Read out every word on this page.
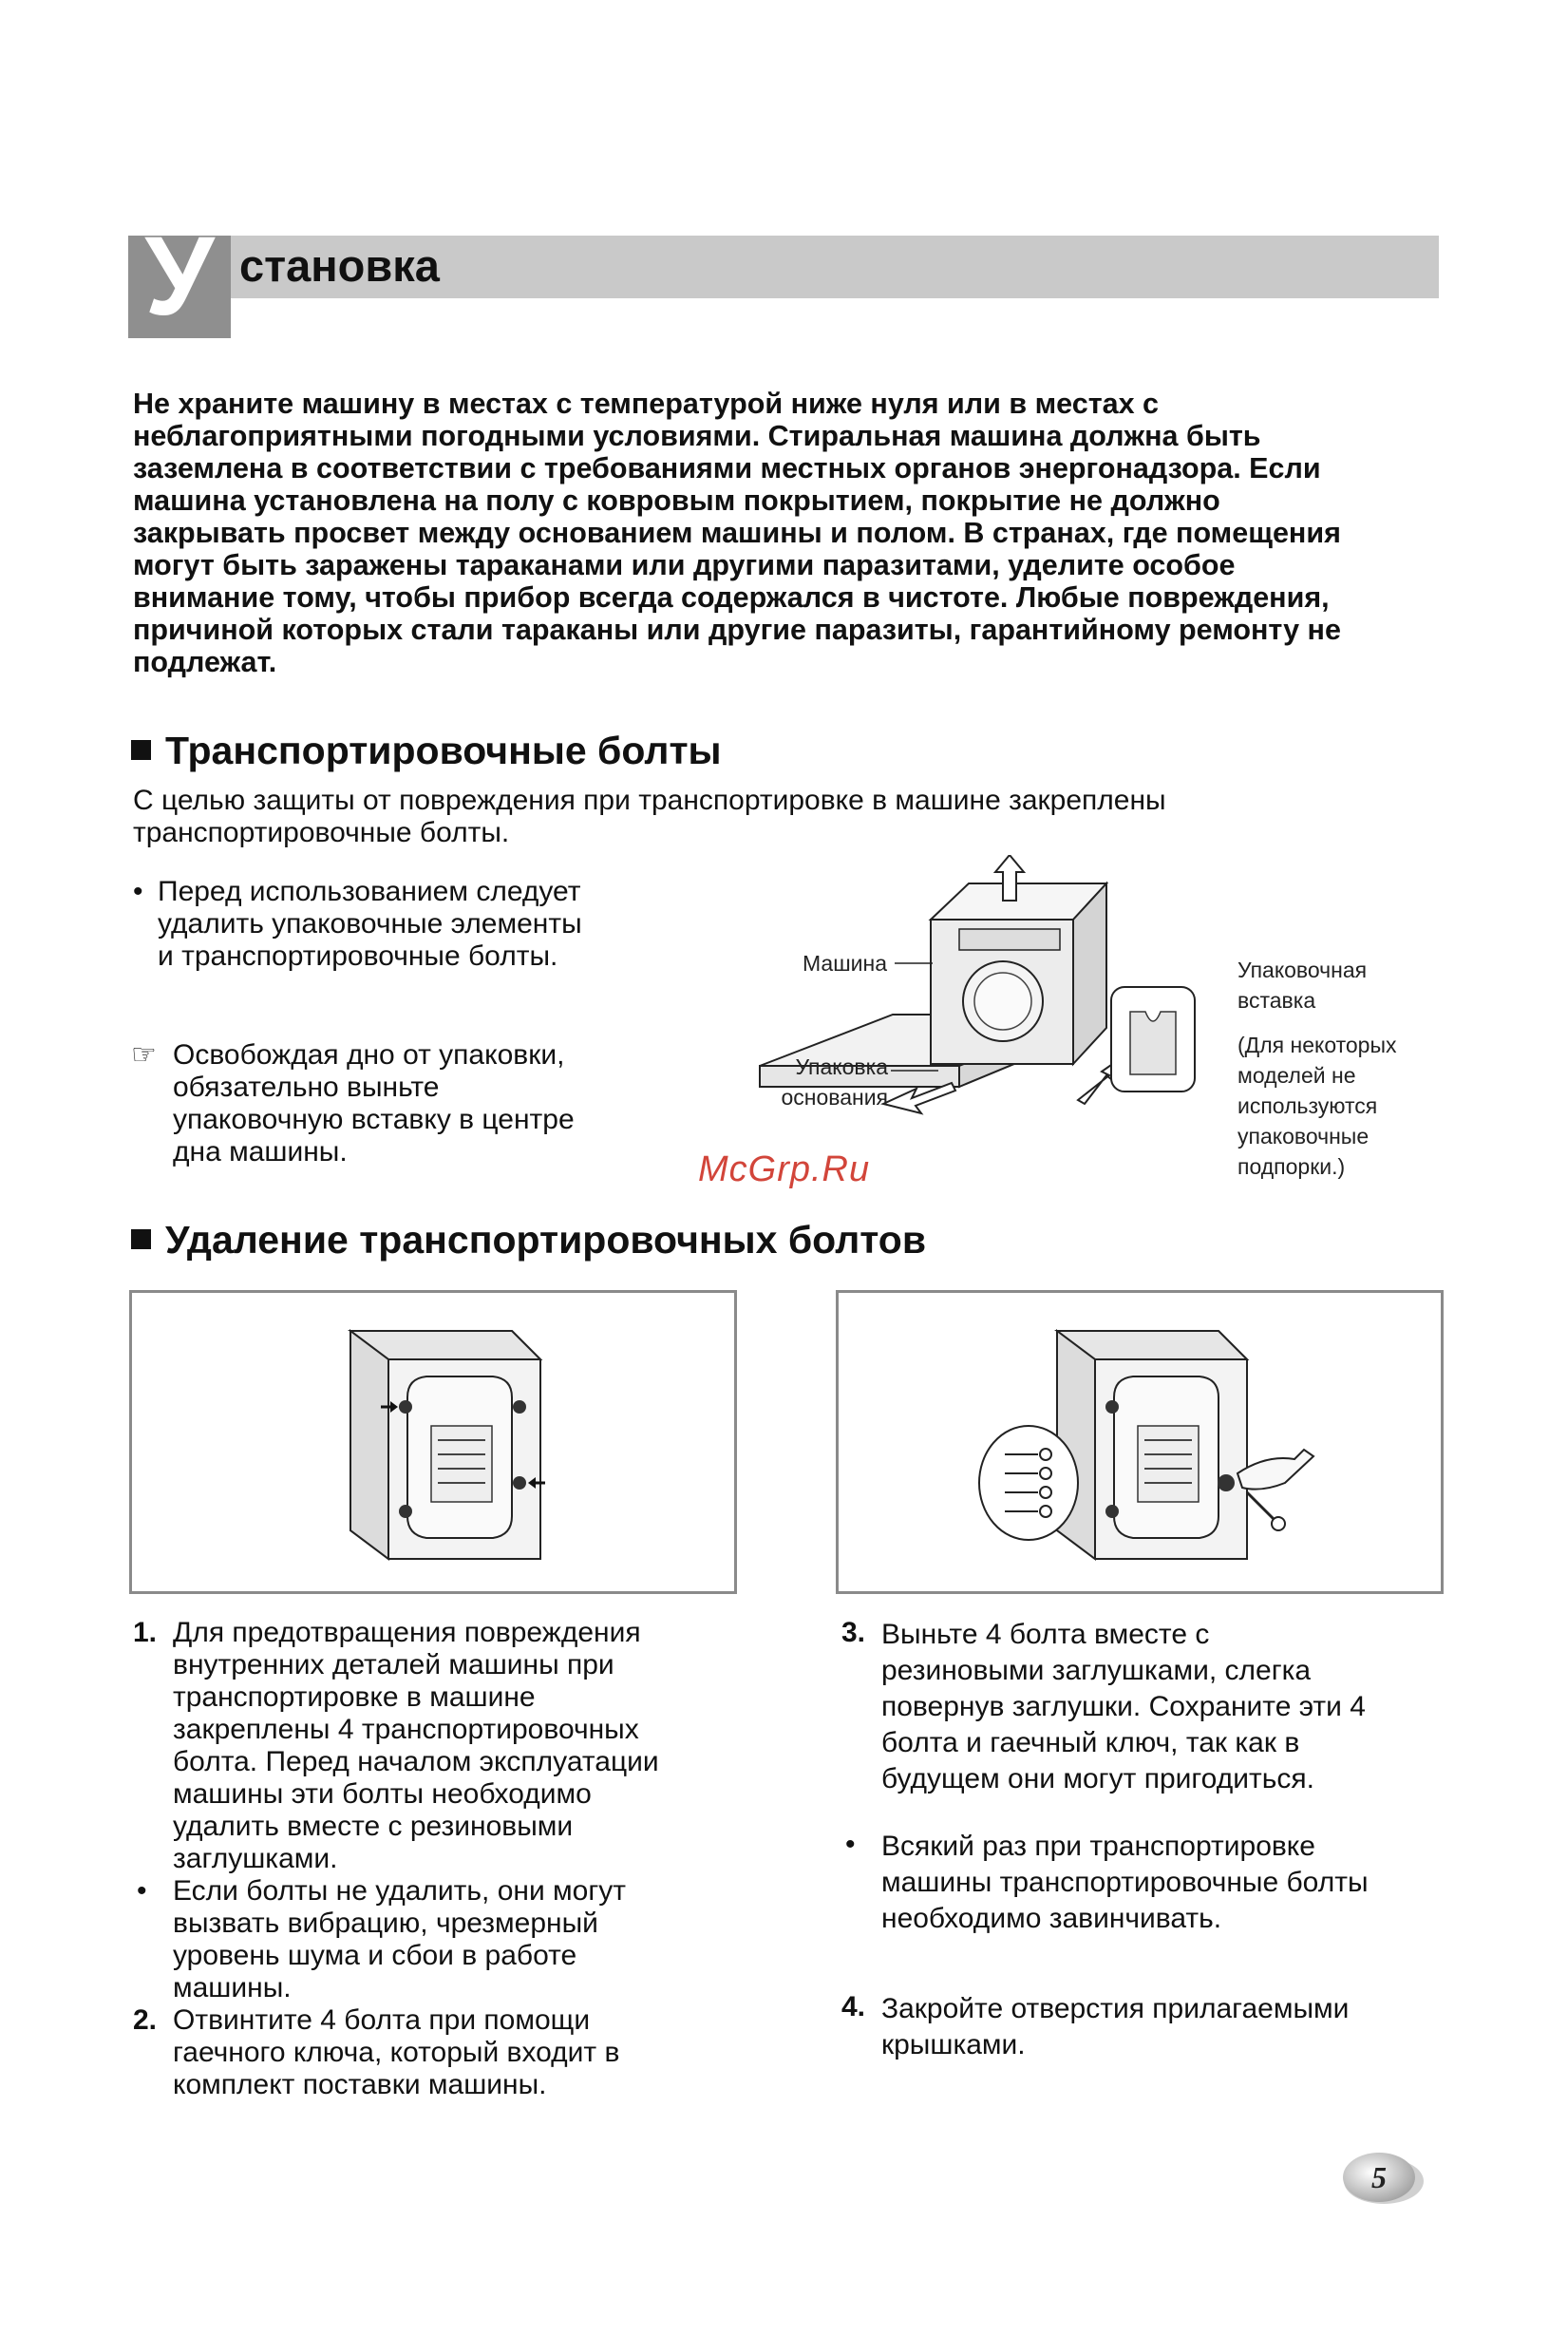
У становка
Не храните машину в местах с температурой ниже нуля или в местах с
неблагоприятными погодными условиями. Стиральная машина должна быть
заземлена в соответствии с требованиями местных органов энергонадзора. Если
машина установлена на полу с ковровым покрытием, покрытие не должно
закрывать просвет между основанием машины и полом. В странах, где помещения
могут быть заражены тараканами или другими паразитами, уделите особое
внимание тому, чтобы прибор всегда содержался в чистоте. Любые повреждения,
причиной которых стали тараканы или другие паразиты, гарантийному ремонту не
подлежат.
Транспортировочные болты
С целью защиты от повреждения при транспортировке в машине закреплены
транспортировочные болты.
• Перед использованием следует
удалить упаковочные элементы
и транспортировочные болты.
☞ Освобождая дно от упаковки,
обязательно выньте
упаковочную вставку в центре
дна машины.
Машина
Упаковка
основания
Упаковочная
вставка
(Для некоторых
моделей не
используются
упаковочные
подпорки.)
McGrp.Ru
Удаление транспортировочных болтов
1. Для предотвращения повреждения
внутренних деталей машины при
транспортировке в машине
закреплены 4 транспортировочных
болта. Перед началом эксплуатации
машины эти болты необходимо
удалить вместе с резиновыми
заглушками.
• Если болты не удалить, они могут
вызвать вибрацию, чрезмерный
уровень шума и сбои в работе
машины.
2. Отвинтите 4 болта при помощи
гаечного ключа, который входит в
комплект поставки машины.
3. Выньте 4 болта вместе с
резиновыми заглушками, слегка
повернув заглушки. Сохраните эти 4
болта и гаечный ключ, так как в
будущем они могут пригодиться.
• Всякий раз при транспортировке
машины транспортировочные болты
необходимо завинчивать.
4. Закройте отверстия прилагаемыми
крышками.
5
